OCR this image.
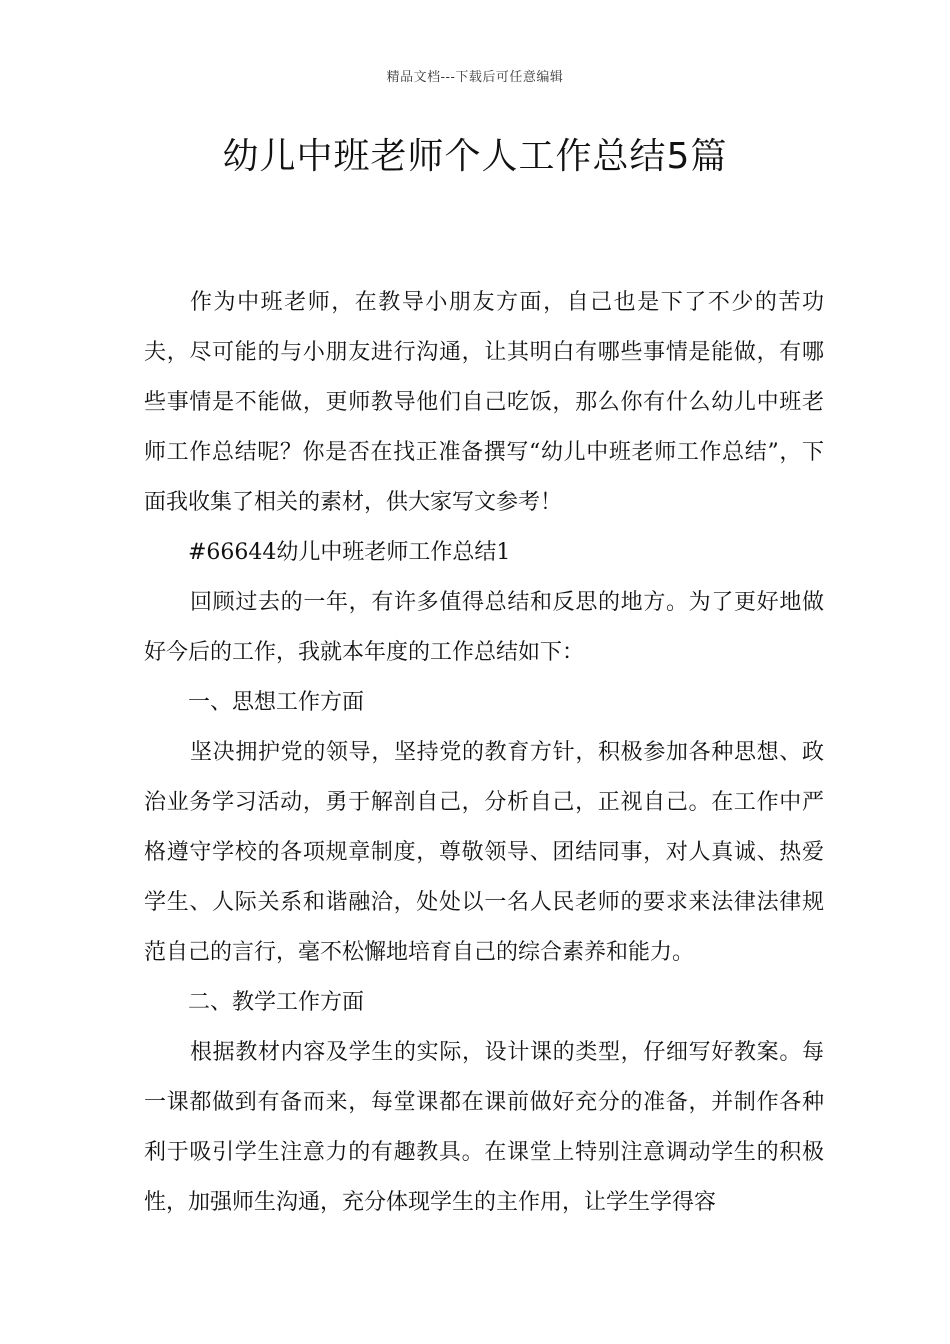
精品文档---下载后可任意编辑
幼儿中班老师个人工作总结5篇

作为中班老师，在教导小朋友方面，自己也是下了不少的苦功夫，尽可能的与小朋友进行沟通，让其明白有哪些事情是能做，有哪些事情是不能做，更师教导他们自己吃饭，那么你有什么幼儿中班老师工作总结呢？你是否在找正准备撰写“幼儿中班老师工作总结”，下面我收集了相关的素材，供大家写文参考！

#66644幼儿中班老师工作总结1

回顾过去的一年，有许多值得总结和反思的地方。为了更好地做好今后的工作，我就本年度的工作总结如下：

一、思想工作方面

坚决拥护党的领导，坚持党的教育方针，积极参加各种思想、政治业务学习活动，勇于解剖自己，分析自己，正视自己。在工作中严格遵守学校的各项规章制度，尊敬领导、团结同事，对人真诚、热爱学生、人际关系和谐融洽，处处以一名人民老师的要求来法律法律规范自己的言行，毫不松懈地培育自己的综合素养和能力。

二、教学工作方面

根据教材内容及学生的实际，设计课的类型，仔细写好教案。每一课都做到有备而来，每堂课都在课前做好充分的准备，并制作各种利于吸引学生注意力的有趣教具。在课堂上特别注意调动学生的积极性，加强师生沟通，充分体现学生的主作用，让学生学得容
